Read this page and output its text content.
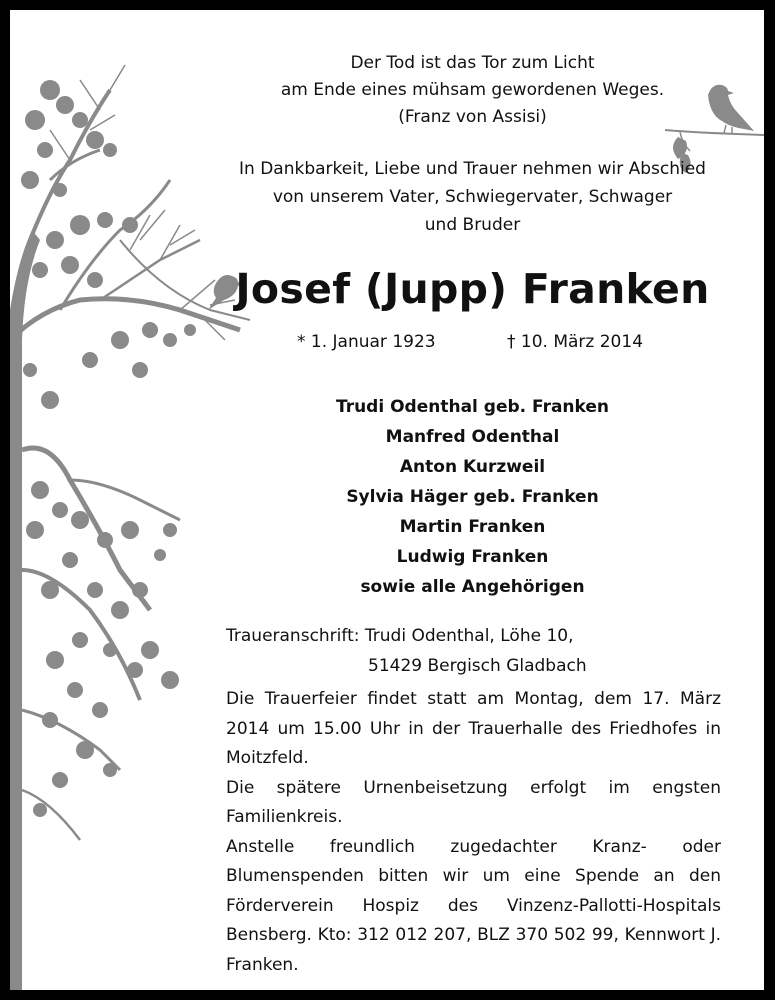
Der Tod ist das Tor zum Licht
am Ende eines mühsam gewordenen Weges.
(Franz von Assisi)
In Dankbarkeit, Liebe und Trauer nehmen wir Abschied
von unserem Vater, Schwiegervater, Schwager
und Bruder
Josef (Jupp) Franken
* 1. Januar 1923	† 10. März 2014
Trudi Odenthal geb. Franken
Manfred Odenthal
Anton Kurzweil
Sylvia Häger geb. Franken
Martin Franken
Ludwig Franken
sowie alle Angehörigen
Traueranschrift: Trudi Odenthal, Löhe 10,
51429 Bergisch Gladbach
Die Trauerfeier findet statt am Montag, dem 17. März 2014 um 15.00 Uhr in der Trauerhalle des Friedhofes in Moitzfeld.
Die spätere Urnenbeisetzung erfolgt im engsten Familienkreis.
Anstelle freundlich zugedachter Kranz- oder Blumenspenden bitten wir um eine Spende an den Förderverein Hospiz des Vinzenz-Pallotti-Hospitals Bensberg. Kto: 312 012 207, BLZ 370 502 99, Kennwort J. Franken.
